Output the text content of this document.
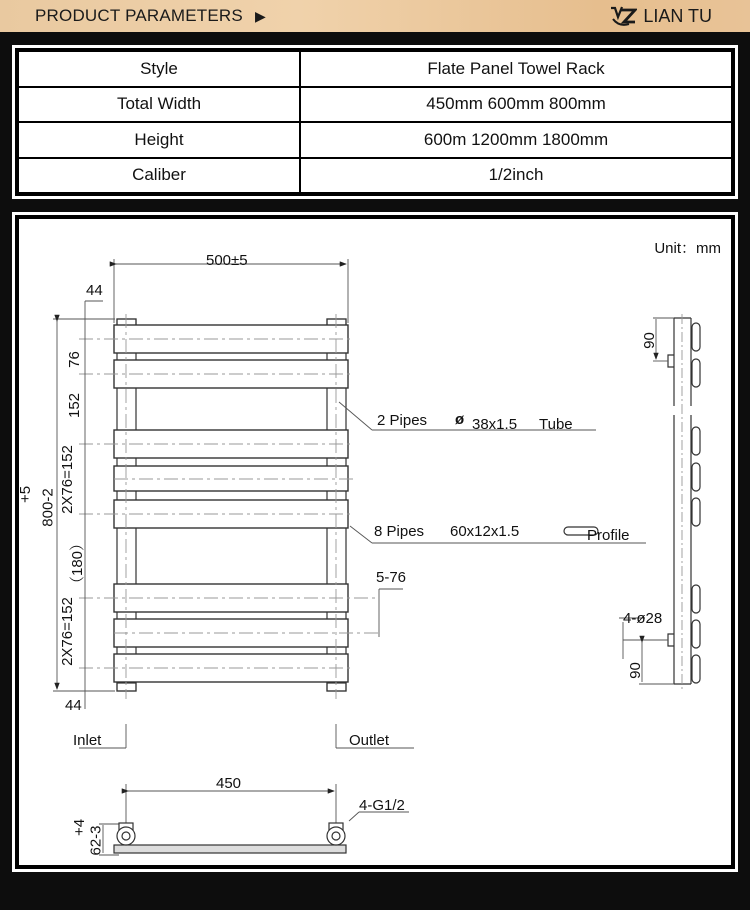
PRODUCT PARAMETERS ▶	LIAN TU
Style	Flate Panel Towel Rack
Total Width	450mm 600mm 800mm
Height	600m 1200mm 1800mm
Caliber	1/2inch
Unit：mm
500±5
44
44
+5
800-2
76
152
2X76=152
（180）
2X76=152
5-76
Inlet	Outlet
2 Pipes ø 38x1.5 Tube
8 Pipes 60x12x1.5	Profile
90
4-ø28
90
450
4-G1/2
+4
62-3
